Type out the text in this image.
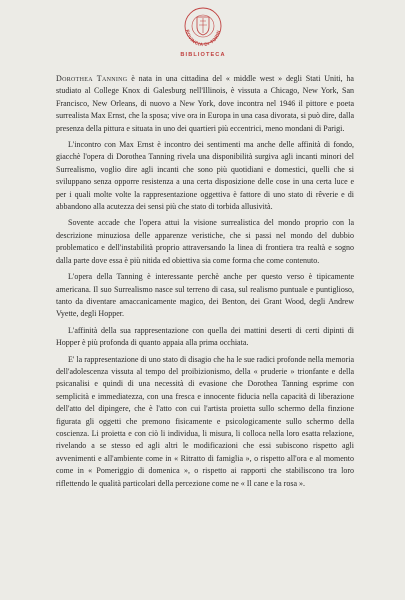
ROVINCIA DI TORIN
BIBLIOTECA

Dorothea Tanning è nata in una cittadina del « middle west » degli Stati Uniti, ha studiato al College Knox di Galesburg nell'Illinois, è vissuta a Chicago, New York, San Francisco, New Orleans, di nuovo a New York, dove incontra nel 1946 il pittore e poeta surrealista Max Ernst, che la sposa; vive ora in Europa in una casa divorata, si può dire, dalla presenza della pittura e situata in uno dei quartieri più eccentrici, meno mondani di Parigi.

L'incontro con Max Ernst è incontro dei sentimenti ma anche delle affinità di fondo, giacchè l'opera di Dorothea Tanning rivela una disponibilità surgiva agli incanti minori del Surrealismo, voglio dire agli incanti che sono più quotidiani e domestici, quelli che si sviluppano senza opporre resistenza a una certa disposizione delle cose in una certa luce e per i quali molte volte la rappresentazione oggettiva è fattore di uno stato di rêverie e di abbandono alla acutezza dei sensi più che stato di torbida allusività.

Sovente accade che l'opera attui la visione surrealistica del mondo proprio con la descrizione minuziosa delle apparenze veristiche, che si passi nel mondo del dubbio problematico e dell'instabilità proprio attraversando la linea di frontiera tra realtà e sogno dalla parte dove essa è più nitida ed obiettiva sia come forma che come contenuto.

L'opera della Tanning è interessante perchè anche per questo verso è tipicamente americana. Il suo Surrealismo nasce sul terreno di casa, sul realismo puntuale e puntiglioso, tanto da diventare amaccanicamente magico, dei Benton, dei Grant Wood, degli Andrew Vyette, degli Hopper.

L'affinità della sua rappresentazione con quella dei mattini deserti di certi dipinti di Hopper è più profonda di quanto appaia alla prima occhiata.

E' la rappresentazione di uno stato di disagio che ha le sue radici profonde nella memoria dell'adolescenza vissuta al tempo del proibizionismo, della « pruderie » trionfante e della psicanalisi e quindi di una necessità di evasione che Dorothea Tanning esprime con semplicità e immediatezza, con una fresca e innocente fiducia nella capacità di liberazione dell'atto del dipingere, che è l'atto con cui l'artista proietta sullo schermo della finzione figurata gli oggetti che premono fisicamente e psicologicamente sullo schermo della coscienza. Li proietta e con ciò li individua, li misura, li colloca nella loro esatta relazione, rivelando a se stesso ed agli altri le modificazioni che essi subiscono rispetto agli avvenimenti e all'ambiente come in « Ritratto di famiglia », o rispetto all'ora e al momento come in « Pomeriggio di domenica », o rispetto ai rapporti che stabiliscono tra loro riflettendo le qualità particolari della percezione come ne « Il cane e la rosa ».
